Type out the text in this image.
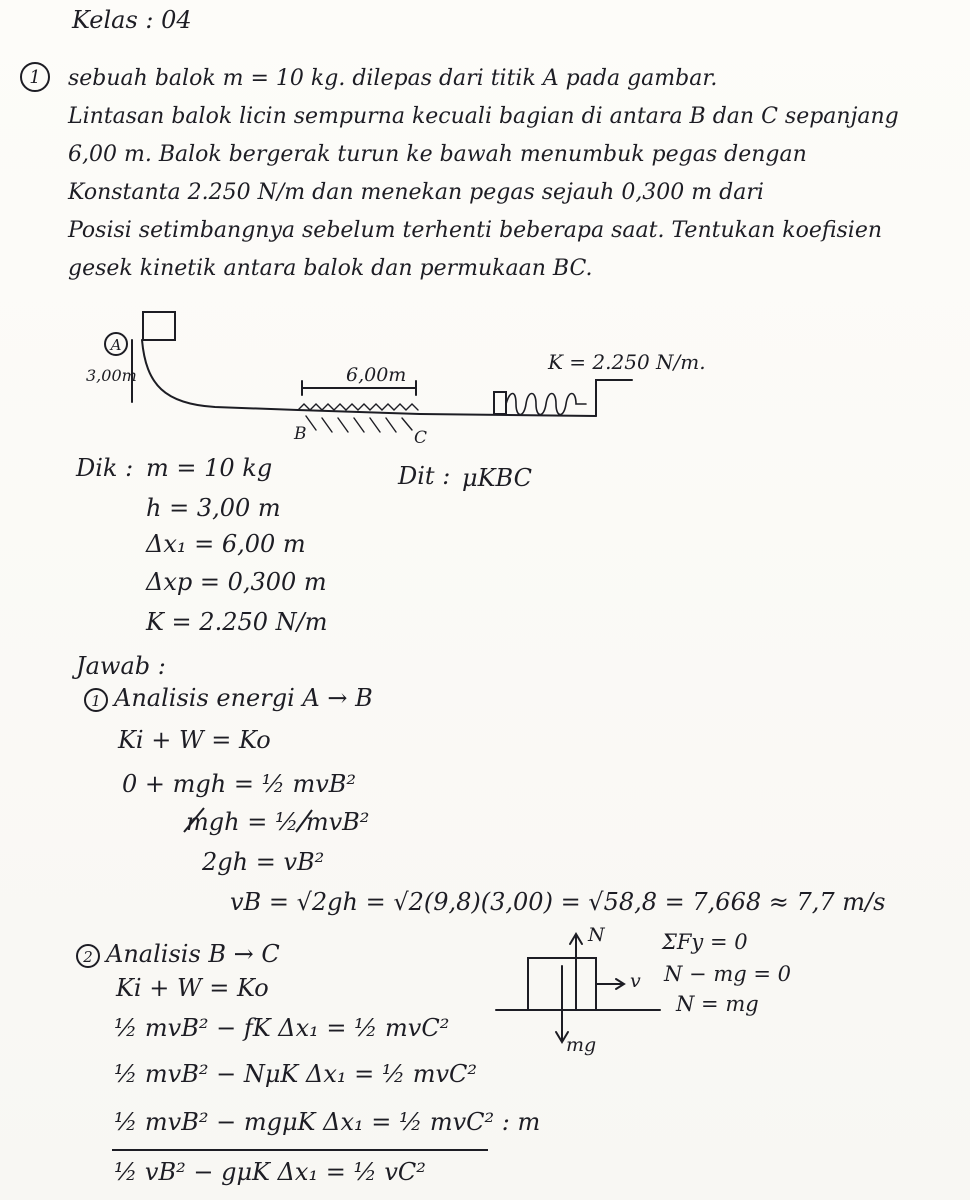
Kelas : 04
1	sebuah balok m = 10 kg. dilepas dari titik A pada gambar.
Lintasan balok licin sempurna kecuali bagian di antara B dan C sepanjang
6,00 m. Balok bergerak turun ke bawah menumbuk pegas dengan
Konstanta 2.250 N/m dan menekan pegas sejauh 0,300 m dari
Posisi setimbangnya sebelum terhenti beberapa saat. Tentukan koefisien
gesek kinetik antara balok dan permukaan BC.
A
3,00m	6,00m
B	C
K = 2.250 N/m.
Dik : m = 10 kg
h = 3,00 m
Δx₁ = 6,00 m
Δxp = 0,300 m
K = 2.250 N/m
Dit : μKBC
Jawab :
1 Analisis energi A → B
Ki + W = Ko
0 + mgh = ½ mvB²
mgh = ½ mvB²
2gh = vB²
vB = √2gh = √2(9,8)(3,00) = √58,8 = 7,668 ≈ 7,7 m/s
2 Analisis B → C
Ki + W = Ko
½ mvB² − fK Δx₁ = ½ mvC²
½ mvB² − NμK Δx₁ = ½ mvC²
½ mvB² − mgμK Δx₁ = ½ mvC² : m
½ vB² − gμK Δx₁ = ½ vC²
N
v
mg
ΣFy = 0
N − mg = 0
N = mg
